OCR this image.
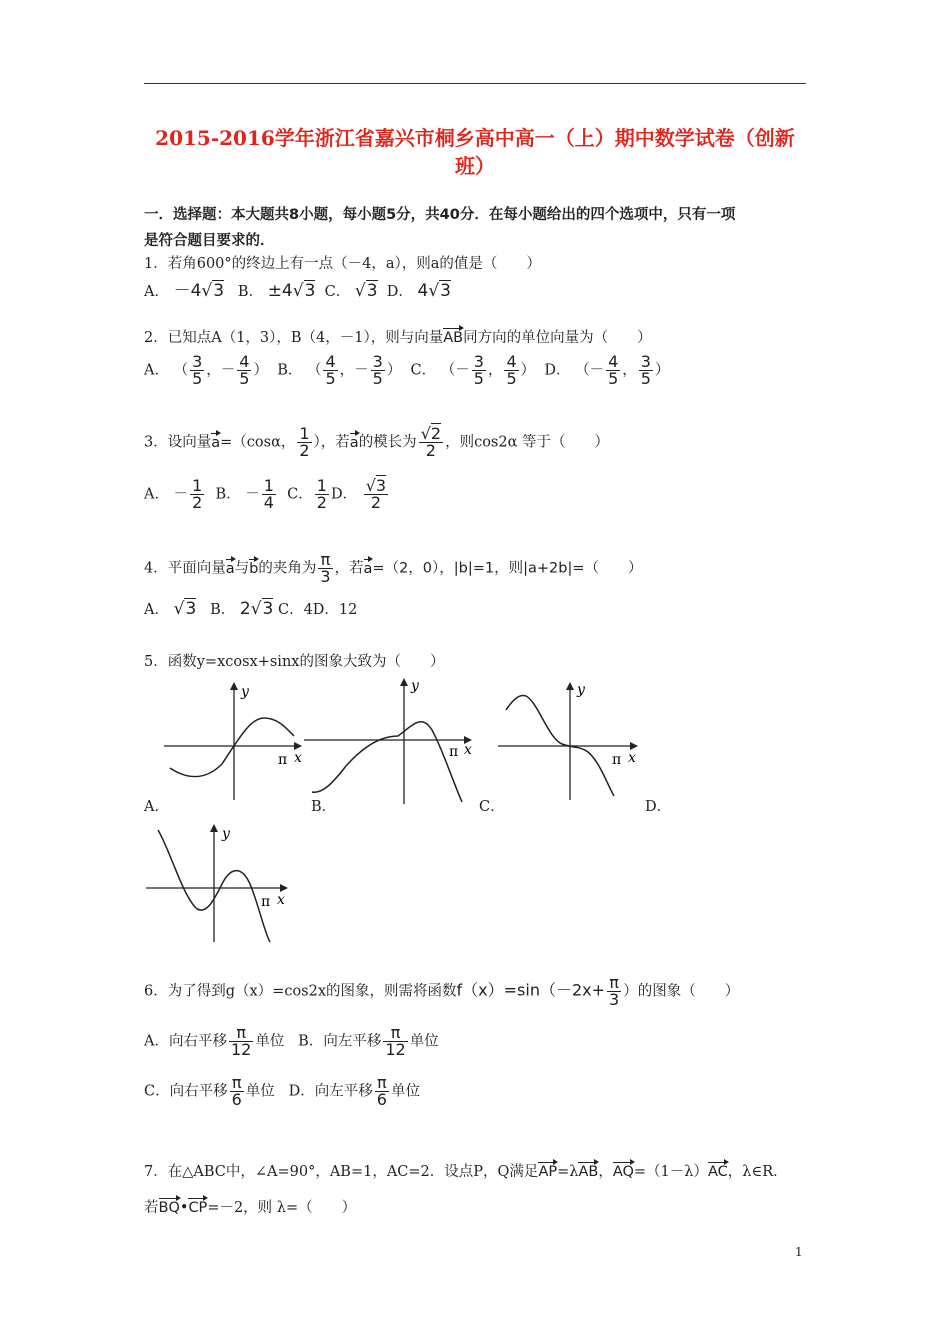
2015-2016学年浙江省嘉兴市桐乡高中高一（上）期中数学试卷（创新班）
一．选择题：本大题共8小题，每小题5分，共40分．在每小题给出的四个选项中，只有一项
是符合题目要求的．
1．若角600°的终边上有一点（－4，a），则a的值是（　　）
A． －4√3 B． ±4√3 C． √3 D． 4√3
2．已知点A（1，3），B（4，－1），则与向量AB同方向的单位向量为（　　）
A． （ $\frac{3}{5}$ ，－ $\frac{4}{5}$ ）  B． （ $\frac{4}{5}$ ，－ $\frac{3}{5}$ ）  C． （－ $\frac{3}{5}$ ， $\frac{4}{5}$ ）  D． （－ $\frac{4}{5}$ ， $\frac{3}{5}$ ）
3．设向量a=（cosα， $\frac{1}{2}$ ），若a的模长为 $\frac{√2}{2}$ ，则cos2α 等于（　　）
A． － $\frac{1}{2}$ B． － $\frac{1}{4}$ C． $\frac{1}{2}$ D． $\frac{√3}{2}$
4．平面向量a与b的夹角为 $\frac{\pi}{3}$ ，若a=（2，0），|b|=1，则|a+2b|=（　　）
A． √3 B． 2√3 C．4D．12
5．函数y=xcosx+sinx的图象大致为（　　）
y
π x
y
π x
y
π x
A．	B．	C．	D．
y
π x
6．为了得到g（x）=cos2x的图象，则需将函数$f(x)=\sin(-2x+ \frac{\pi}{3}$ ）的图象（　　）
A．向右平移 $\frac{\pi}{12}$ 单位 B．向左平移 $\frac{\pi}{12}$ 单位
C．向右平移 $\frac{\pi}{6}$ 单位 D．向左平移 $\frac{\pi}{6}$ 单位
7．在△ABC中，∠A=90°，AB=1，AC=2．设点P，Q满足AP=λAB，AQ=（1－λ）AC，λ∈R．
若BQ•CP=－2，则 λ=（　　）
1
